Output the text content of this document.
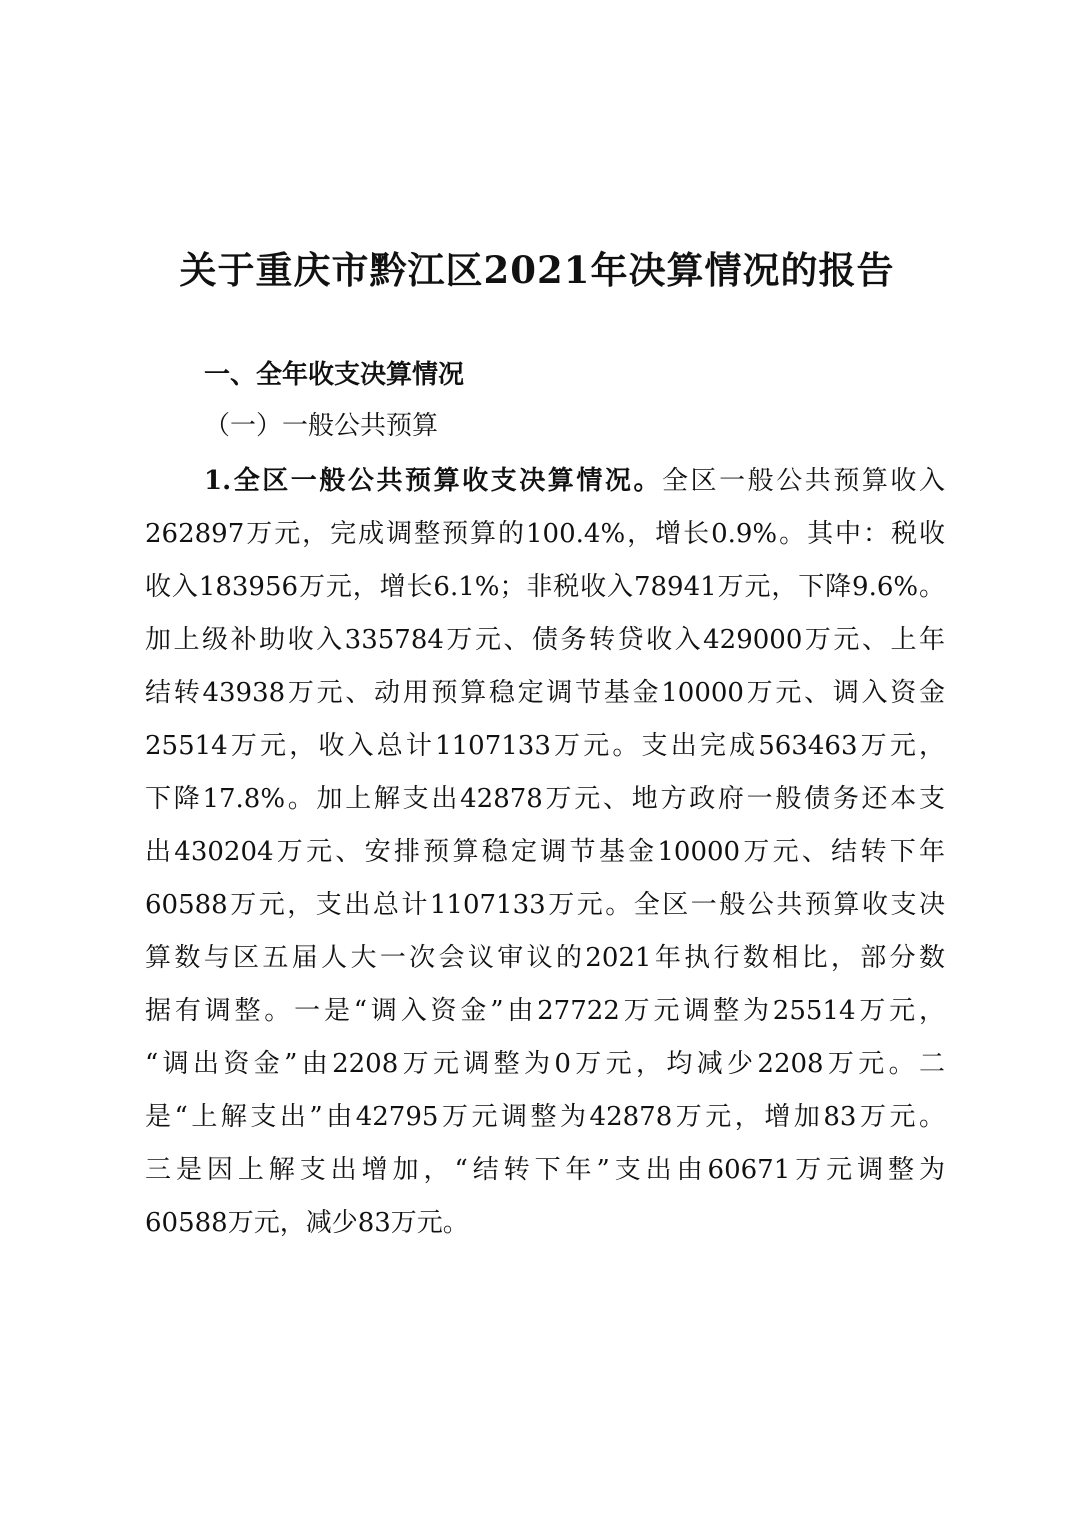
关于重庆市黔江区2021年决算情况的报告
一、全年收支决算情况
（一）一般公共预算
1.全区一般公共预算收支决算情况。全区一般公共预算收入
262897万元，完成调整预算的100.4%，增长0.9%。其中：税收
收入183956万元，增长6.1%；非税收入78941万元，下降9.6%。
加上级补助收入335784万元、债务转贷收入429000万元、上年
结转43938万元、动用预算稳定调节基金10000万元、调入资金
25514万元，收入总计1107133万元。支出完成563463万元，
下降17.8%。加上解支出42878万元、地方政府一般债务还本支
出430204万元、安排预算稳定调节基金10000万元、结转下年
60588万元，支出总计1107133万元。全区一般公共预算收支决
算数与区五届人大一次会议审议的2021年执行数相比，部分数
据有调整。一是“调入资金”由27722万元调整为25514万元，
“调出资金”由2208万元调整为0万元，均减少2208万元。二
是“上解支出”由42795万元调整为42878万元，增加83万元。
三是因上解支出增加，“结转下年”支出由60671万元调整为
60588万元，减少83万元。
